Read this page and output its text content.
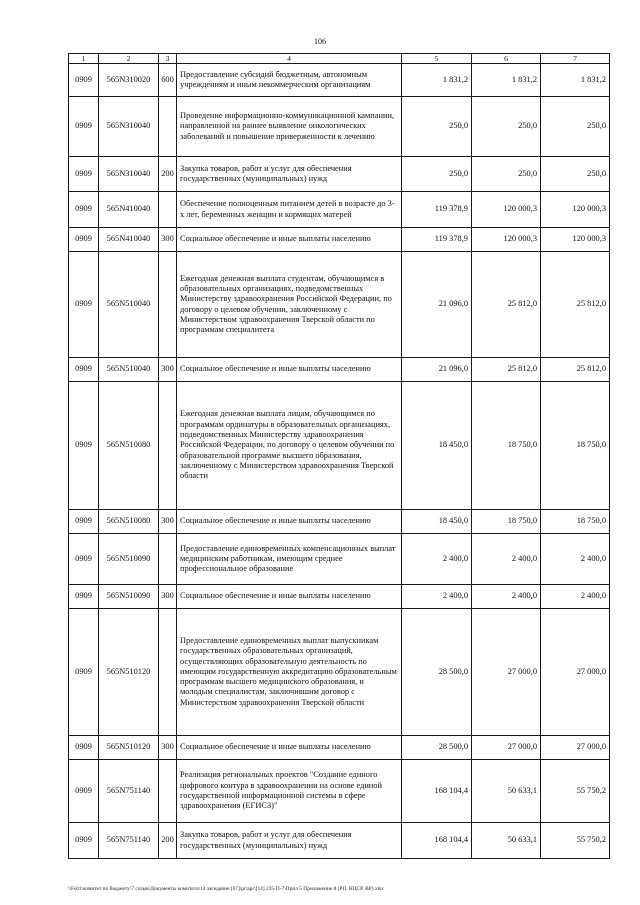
106
1	2	3	4	5	6	7
0909	565N310020	600	Предоставление субсидий бюджетным, автономным учреждениям и иным некоммерческим организациям	1 831,2	1 831,2	1 831,2
0909	565N310040		Проведение информационно-коммуникационной кампании, направленной на раннее выявление онкологических заболеваний и повышение приверженности к лечению	250,0	250,0	250,0
0909	565N310040	200	Закупка товаров, работ и услуг для обеспечения государственных (муниципальных) нужд	250,0	250,0	250,0
0909	565N410040		Обеспечение полноценным питанием детей в возрасте до 3-х лет, беременных женщин и кормящих матерей	119 378,9	120 000,3	120 000,3
0909	565N410040	300	Социальное обеспечение и иные выплаты населению	119 378,9	120 000,3	120 000,3
0909	565N510040		Ежегодная денежная выплата студентам, обучающимся в образовательных организациях, подведомственных Министерству здравоохранения Российской Федерации, по договору о целевом обучении, заключенному с Министерством здравоохранения Тверской области по программам специалитета	21 096,0	25 812,0	25 812,0
0909	565N510040	300	Социальное обеспечение и иные выплаты населению	21 096,0	25 812,0	25 812,0
0909	565N510080		Ежегодная денежная выплата лицам, обучающимся по программам ординатуры в образовательных организациях, подведомственных Министерству здравоохранения Российской Федерации, по договору о целевом обучении по образовательной программе высшего образования, заключенному с Министерством здравоохранения Тверской области	18 450,0	18 750,0	18 750,0
0909	565N510080	300	Социальное обеспечение и иные выплаты населению	18 450,0	18 750,0	18 750,0
0909	565N510090		Предоставление единовременных компенсационных выплат медицинским работникам, имеющим среднее профессиональное образование	2 400,0	2 400,0	2 400,0
0909	565N510090	300	Социальное обеспечение и иные выплаты населению	2 400,0	2 400,0	2 400,0
0909	565N510120		Предоставление единовременных выплат выпускникам государственных образовательных организаций, осуществляющих образовательную деятельность по имеющим государственную аккредитацию образовательным программам высшего медицинского образования, и молодым специалистам, заключившим договор с Министерством здравоохранения Тверской области	28 500,0	27 000,0	27 000,0
0909	565N510120	300	Социальное обеспечение и иные выплаты населению	28 500,0	27 000,0	27 000,0
0909	565N751140		Реализация региональных проектов "Создание единого цифрового контура в здравоохранении на основе единой государственной информационной системы в сфере здравоохранения (ЕГИСЗ)"	168 104,4	50 633,1	55 750,2
0909	565N751140	200	Закупка товаров, работ и услуг для обеспечения государственных (муниципальных) нужд	168 104,4	50 633,1	55 750,2
\\Fs01\комитет по бюджету\7 созыв\Документы комитета\14 заседание [07]\pr\apr\[14] 235-П-7\Прил 5 Приложение 8 (РП, КЦСР, ВР).xlsx
